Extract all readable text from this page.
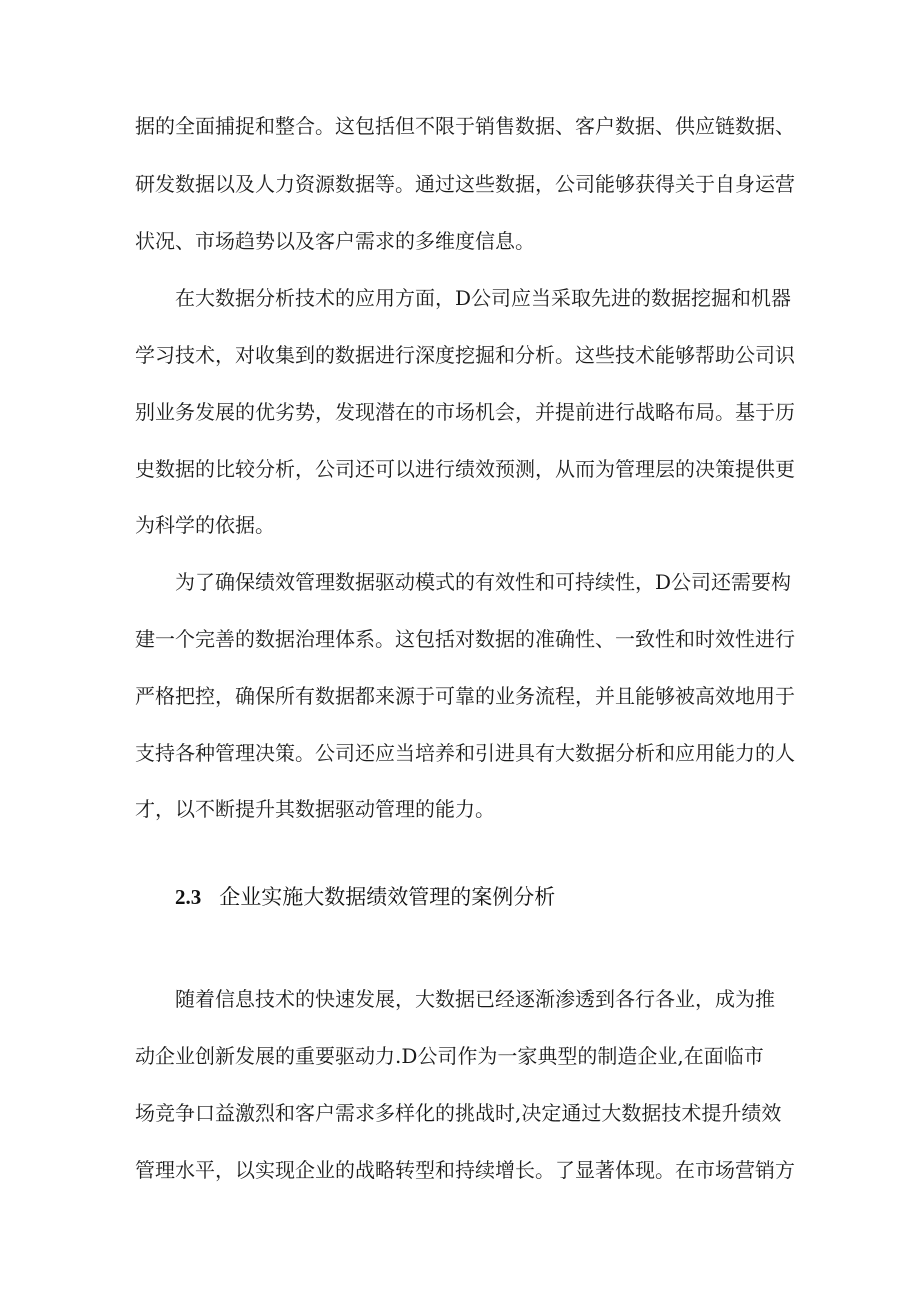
据的全面捕捉和整合。这包括但不限于销售数据、客户数据、供应链数据、
研发数据以及人力资源数据等。通过这些数据，公司能够获得关于自身运营
状况、市场趋势以及客户需求的多维度信息。
在大数据分析技术的应用方面，D公司应当采取先进的数据挖掘和机器
学习技术，对收集到的数据进行深度挖掘和分析。这些技术能够帮助公司识
别业务发展的优劣势，发现潜在的市场机会，并提前进行战略布局。基于历
史数据的比较分析，公司还可以进行绩效预测，从而为管理层的决策提供更
为科学的依据。
为了确保绩效管理数据驱动模式的有效性和可持续性，D公司还需要构
建一个完善的数据治理体系。这包括对数据的准确性、一致性和时效性进行
严格把控，确保所有数据都来源于可靠的业务流程，并且能够被高效地用于
支持各种管理决策。公司还应当培养和引进具有大数据分析和应用能力的人
才，以不断提升其数据驱动管理的能力。
2.3 企业实施大数据绩效管理的案例分析
随着信息技术的快速发展，大数据已经逐渐渗透到各行各业，成为推
动企业创新发展的重要驱动力.D公司作为一家典型的制造企业,在面临市
场竞争口益激烈和客户需求多样化的挑战时,决定通过大数据技术提升绩效
管理水平，以实现企业的战略转型和持续增长。了显著体现。在市场营销方
